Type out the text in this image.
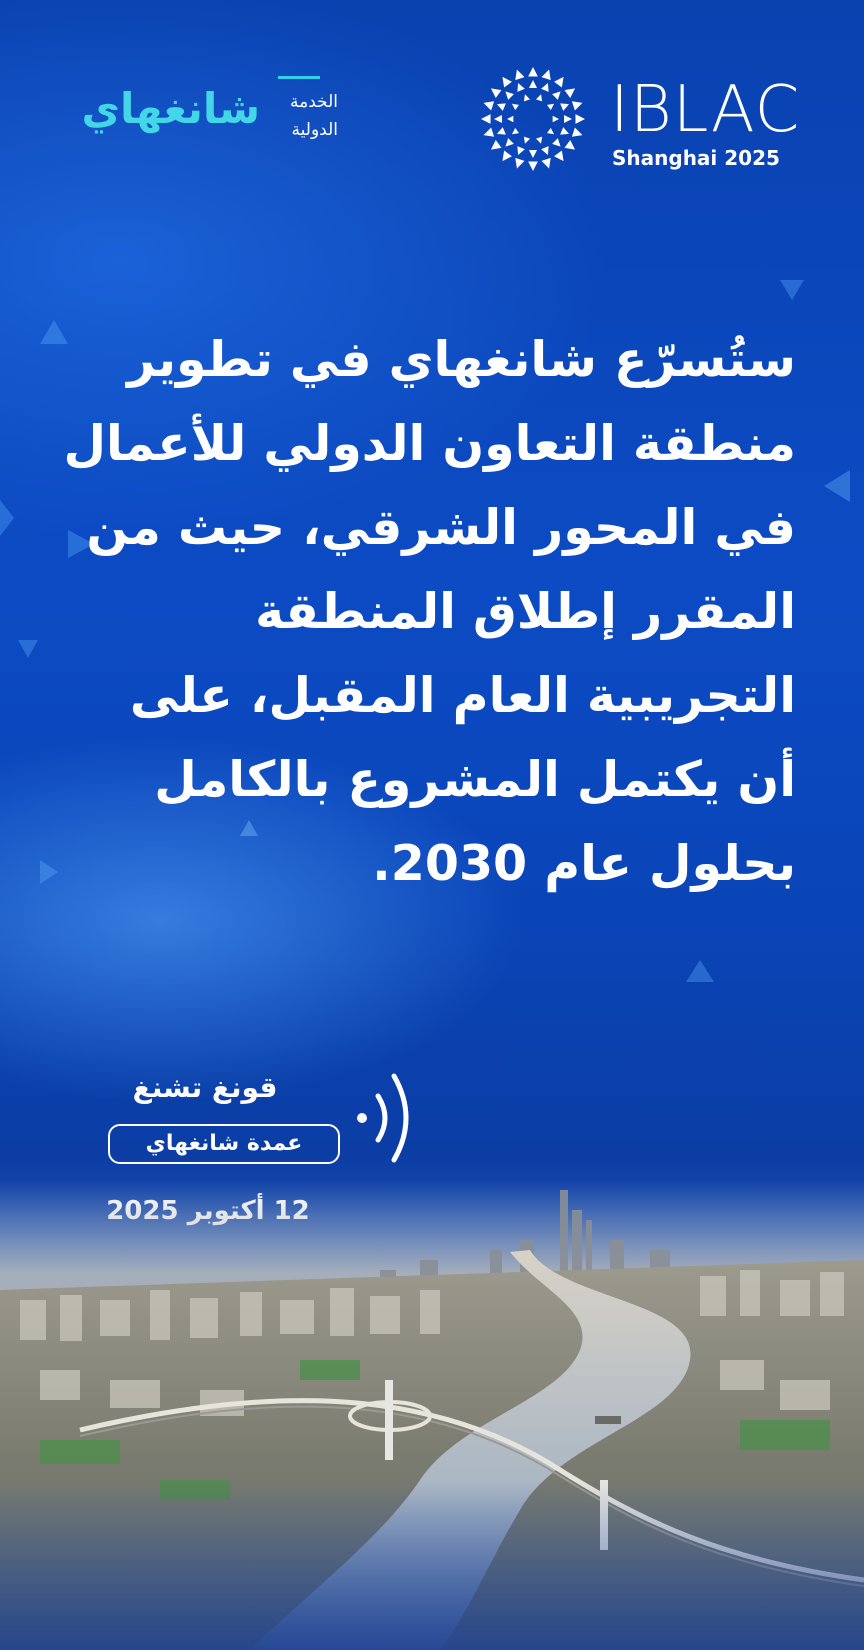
IBLAC
Shanghai 2025
الخدمة
الدولية
شانغهاي

ستُسرّع شانغهاي في تطوير منطقة التعاون الدولي للأعمال في المحور الشرقي، حيث من المقرر إطلاق المنطقة التجريبية العام المقبل، على أن يكتمل المشروع بالكامل بحلول عام 2030.

قونغ تشنغ
عمدة شانغهاي
